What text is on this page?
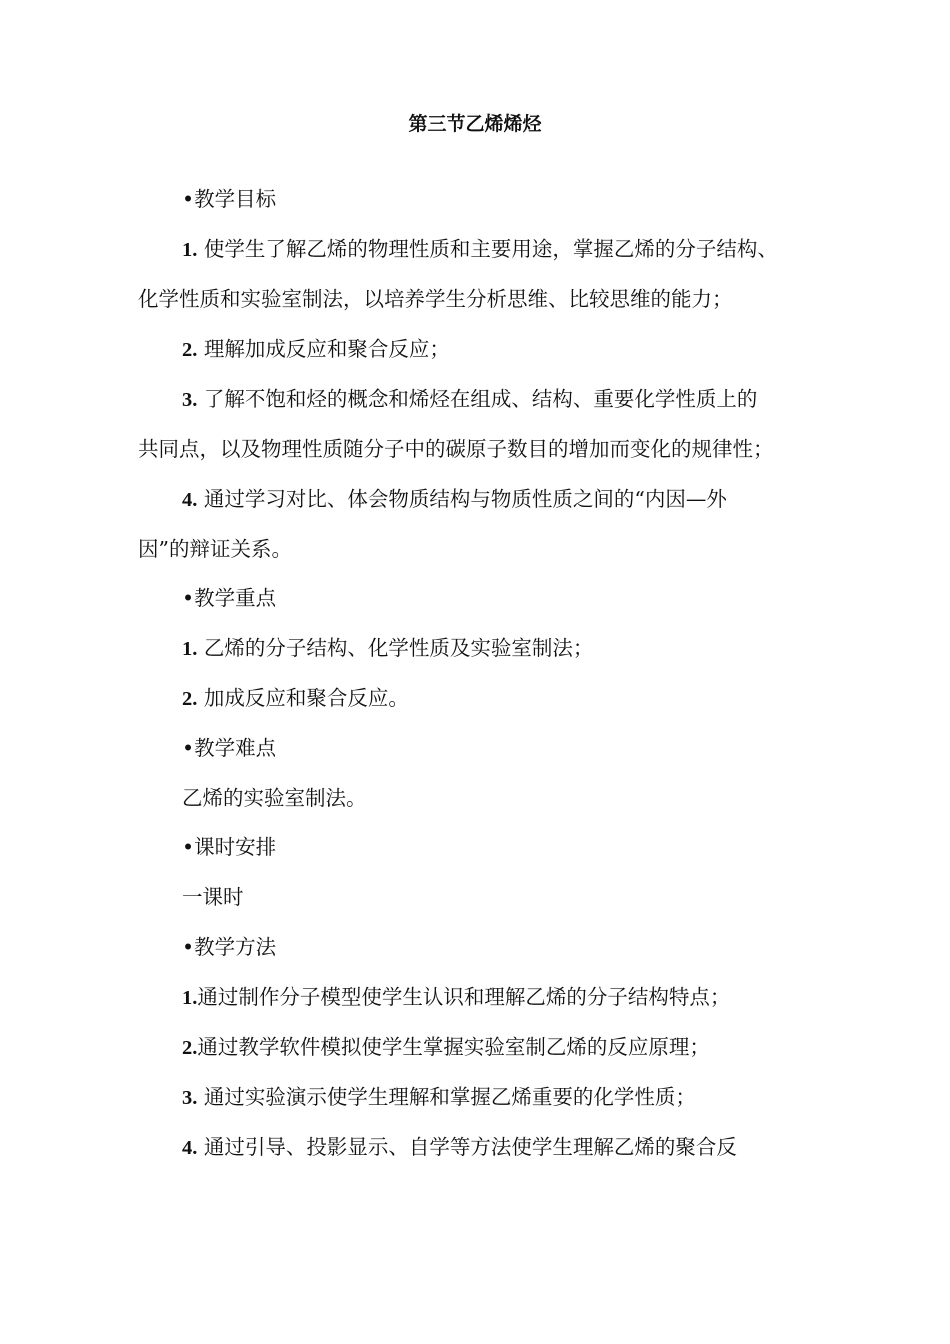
第三节乙烯烯烃
•教学目标
1. 使学生了解乙烯的物理性质和主要用途，掌握乙烯的分子结构、
化学性质和实验室制法，以培养学生分析思维、比较思维的能力；
2. 理解加成反应和聚合反应；
3. 了解不饱和烃的概念和烯烃在组成、结构、重要化学性质上的
共同点，以及物理性质随分子中的碳原子数目的增加而变化的规律性；
4. 通过学习对比、体会物质结构与物质性质之间的“内因—外
因”的辩证关系。
•教学重点
1. 乙烯的分子结构、化学性质及实验室制法；
2. 加成反应和聚合反应。
•教学难点
乙烯的实验室制法。
•课时安排
一课时
•教学方法
1.通过制作分子模型使学生认识和理解乙烯的分子结构特点；
2.通过教学软件模拟使学生掌握实验室制乙烯的反应原理；
3. 通过实验演示使学生理解和掌握乙烯重要的化学性质；
4. 通过引导、投影显示、自学等方法使学生理解乙烯的聚合反
